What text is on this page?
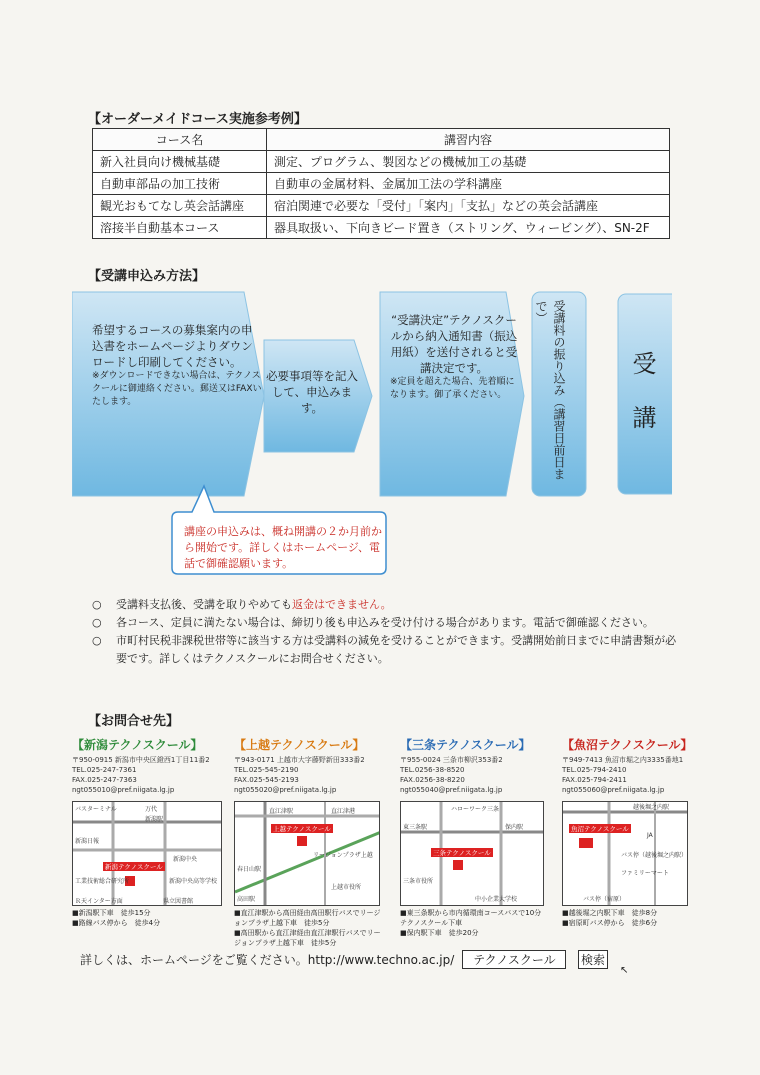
【オーダーメイドコース実施参考例】
コース名	講習内容
新入社員向け機械基礎	測定、プログラム、製図などの機械加工の基礎
自動車部品の加工技術	自動車の金属材料、金属加工法の学科講座
観光おもてなし英会話講座	宿泊関連で必要な「受付」「案内」「支払」などの英会話講座
溶接半自動基本コース	器具取扱い、下向きビード置き（ストリング、ウィービング）、SN-2F
【受講申込み方法】
希望するコースの募集案内の申込書をホームページよりダウンロードし印刷してください。
※ダウンロードできない場合は、テクノスクールに御連絡ください。郵送又はFAXいたします。
必要事項等を記入して、申込みます。
“受講決定”テクノスクールから納入通知書（振込用紙）を送付されると受講決定です。
※定員を超えた場合、先着順になります。御了承ください。	受講料の振り込み（講習日前日まで）
受講
講座の申込みは、概ね開講の２か月前から開始です。詳しくはホームページ、電話で御確認願います。
○ 受講料支払後、受講を取りやめても返金はできません。
○ 各コース、定員に満たない場合は、締切り後も申込みを受け付ける場合があります。電話で御確認ください。
○ 市町村民税非課税世帯等に該当する方は受講料の減免を受けることができます。受講開始前日までに申請書類が必要です。詳しくはテクノスクールにお問合せください。
【お問合せ先】
【新潟テクノスクール】
〒950-0915 新潟市中央区鐙西1丁目11番2
TEL.025-247-7361
FAX.025-247-7363
ngt055010@pref.niigata.lg.jp
バスターミナル	万代
新潟駅
新潟日報
新潟中央
工業技術総合研究所	新潟中央高等学校
Ｒ天インター方面	県立図書館
新潟テクノスクール
■新潟駅下車　徒歩15分
■路線バス停から　徒歩4分
【上越テクノスクール】
〒943-0171 上越市大字藤野新田333番2
TEL.025-545-2190
FAX.025-545-2193
ngt055020@pref.niigata.lg.jp
直江津駅	直江津港
リージョンプラザ上越
春日山駅
高田駅
上越市役所
上越テクノスクール
■直江津駅から高田経由高田駅行バスでリージョンプラザ上越下車　徒歩5分
■高田駅から直江津経由直江津駅行バスでリージョンプラザ上越下車　徒歩5分
【三条テクノスクール】
〒955-0024 三条市柳沢353番2
TEL.0256-38-8520
FAX.0256-38-8220
ngt055040@pref.niigata.lg.jp
ハローワーク三条
東三条駅	保内駅
三条市役所
中小企業大学校
三条テクノスクール
■東三条駅から市内循環南コースバスで10分　テクノスクール下車
■保内駅下車　徒歩20分
【魚沼テクノスクール】
〒949-7413 魚沼市堀之内3335番地1
TEL.025-794-2410
FAX.025-794-2411
ngt055060@pref.niigata.lg.jp
越後堀之内駅
JA
バス停（越後堀之内駅）
バス停（宿原）
ファミリーマート
魚沼テクノスクール
■越後堀之内駅下車　徒歩8分
■宿原町バス停から　徒歩6分
詳しくは、ホームページをご覧ください。http://www.techno.ac.jp/ テクノスクール 検索
↖
